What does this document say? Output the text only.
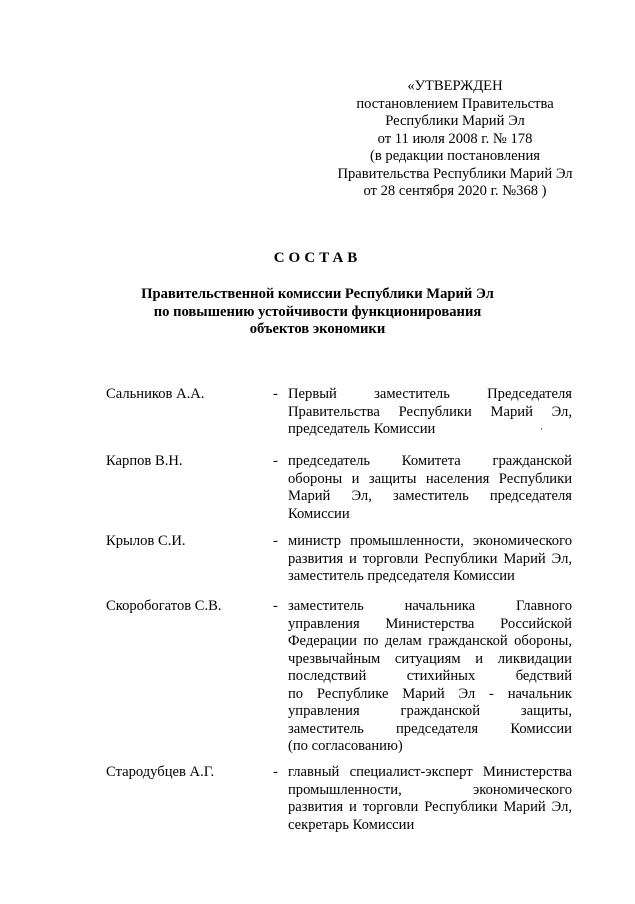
«УТВЕРЖДЕН
постановлением Правительства
Республики Марий Эл
от 11 июля 2008 г. № 178
(в редакции постановления
Правительства Республики Марий Эл
от 28 сентября 2020 г. №368 )
СОСТАВ
Правительственной комиссии Республики Марий Эл
по повышению устойчивости функционирования
объектов экономики
Сальников А.А.	- Первый заместитель Председателя
Правительства Республики Марий Эл,
председатель Комиссии
Карпов В.Н.	- председатель Комитета гражданской
обороны и защиты населения Республики
Марий Эл, заместитель председателя
Комиссии
Крылов С.И.	- министр промышленности, экономического
развития и торговли Республики Марий Эл,
заместитель председателя Комиссии
Скоробогатов С.В.	- заместитель начальника Главного
управления Министерства Российской
Федерации по делам гражданской обороны,
чрезвычайным ситуациям и ликвидации
последствий стихийных бедствий
по Республике Марий Эл - начальник
управления гражданской защиты,
заместитель председателя Комиссии
(по согласованию)
Стародубцев А.Г.	- главный специалист-эксперт Министерства
промышленности, экономического
развития и торговли Республики Марий Эл,
секретарь Комиссии
